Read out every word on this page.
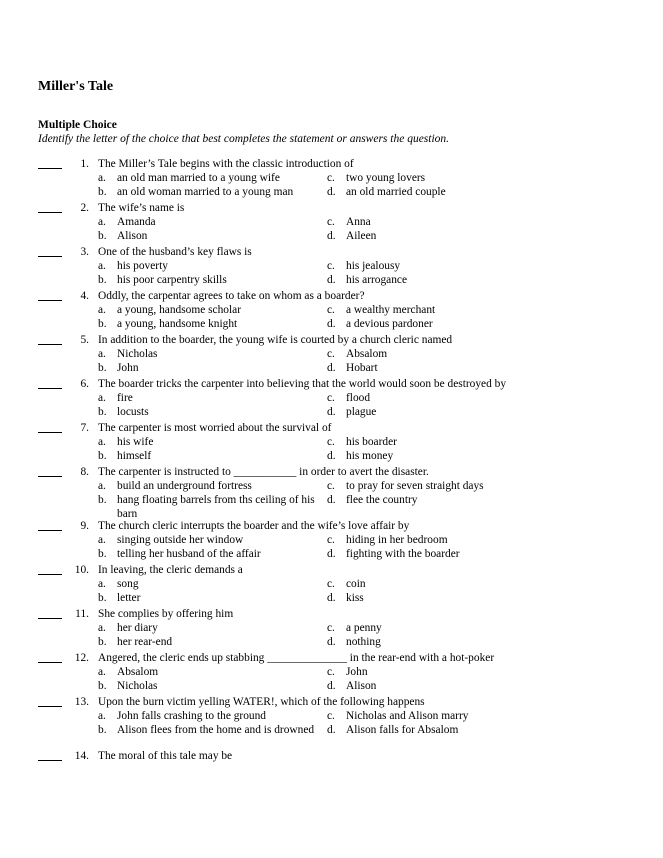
Miller's Tale
Multiple Choice
Identify the letter of the choice that best completes the statement or answers the question.
1. The Miller’s Tale begins with the classic introduction of
a. an old man married to a young wife
b. an old woman married to a young man
c. two young lovers
d. an old married couple
2. The wife’s name is
a. Amanda
b. Alison
c. Anna
d. Aileen
3. One of the husband’s key flaws is
a. his poverty
b. his poor carpentry skills
c. his jealousy
d. his arrogance
4. Oddly, the carpentar agrees to take on whom as a boarder?
a. a young, handsome scholar
b. a young, handsome knight
c. a wealthy merchant
d. a devious pardoner
5. In addition to the boarder, the young wife is courted by a church cleric named
a. Nicholas
b. John
c. Absalom
d. Hobart
6. The boarder tricks the carpenter into believing that the world would soon be destroyed by
a. fire
b. locusts
c. flood
d. plague
7. The carpenter is most worried about the survival of
a. his wife
b. himself
c. his boarder
d. his money
8. The carpenter is instructed to ___________ in order to avert the disaster.
a. build an underground fortress
b. hang floating barrels from ths ceiling of his barn
c. to pray for seven straight days
d. flee the country
9. The church cleric interrupts the boarder and the wife’s love affair by
a. singing outside her window
b. telling her husband of the affair
c. hiding in her bedroom
d. fighting with the boarder
10. In leaving, the cleric demands a
a. song
b. letter
c. coin
d. kiss
11. She complies by offering him
a. her diary
b. her rear-end
c. a penny
d. nothing
12. Angered, the cleric ends up stabbing ______________ in the rear-end with a hot-poker
a. Absalom
b. Nicholas
c. John
d. Alison
13. Upon the burn victim yelling WATER!, which of the following happens
a. John falls crashing to the ground
b. Alison flees from the home and is drowned
c. Nicholas and Alison marry
d. Alison falls for Absalom
14. The moral of this tale may be
